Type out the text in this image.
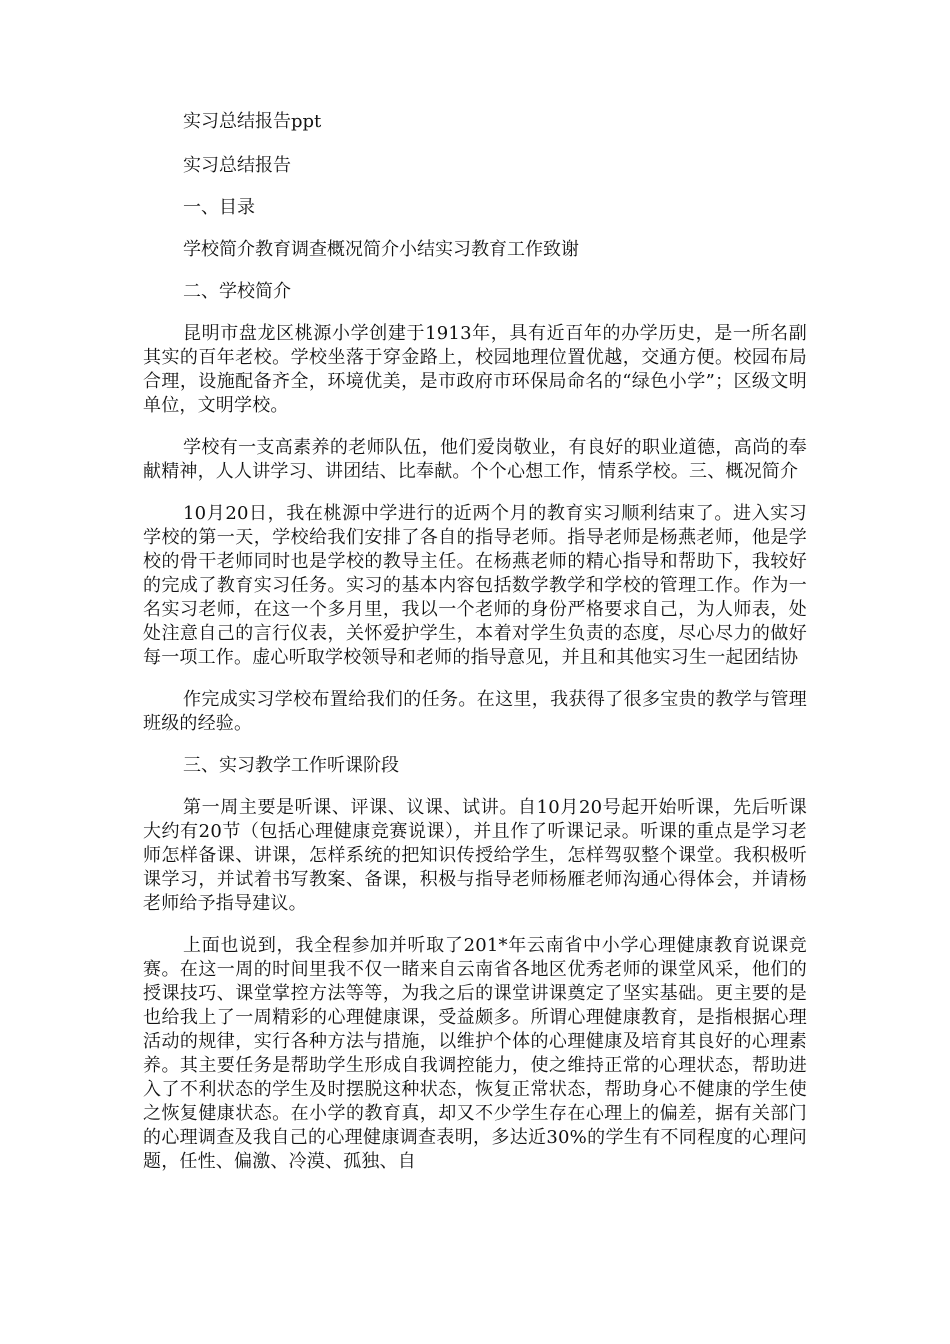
实习总结报告ppt
实习总结报告
一、目录
学校简介教育调查概况简介小结实习教育工作致谢
二、学校简介

昆明市盘龙区桃源小学创建于1913年，具有近百年的办学历史，是一所名副其实的百年老校。学校坐落于穿金路上，校园地理位置优越，交通方便。校园布局合理，设施配备齐全，环境优美，是市政府市环保局命名的“绿色小学”；区级文明单位，文明学校。

学校有一支高素养的老师队伍，他们爱岗敬业，有良好的职业道德，高尚的奉献精神，人人讲学习、讲团结、比奉献。个个心想工作，情系学校。三、概况简介

10月20日，我在桃源中学进行的近两个月的教育实习顺利结束了。进入实习学校的第一天，学校给我们安排了各自的指导老师。指导老师是杨燕老师，他是学校的骨干老师同时也是学校的教导主任。在杨燕老师的精心指导和帮助下，我较好的完成了教育实习任务。实习的基本内容包括数学教学和学校的管理工作。作为一名实习老师，在这一个多月里，我以一个老师的身份严格要求自己，为人师表，处处注意自己的言行仪表，关怀爱护学生，本着对学生负责的态度，尽心尽力的做好每一项工作。虚心听取学校领导和老师的指导意见，并且和其他实习生一起团结协

作完成实习学校布置给我们的任务。在这里，我获得了很多宝贵的教学与管理班级的经验。

三、实习教学工作听课阶段

第一周主要是听课、评课、议课、试讲。自10月20号起开始听课，先后听课大约有20节（包括心理健康竞赛说课），并且作了听课记录。听课的重点是学习老师怎样备课、讲课，怎样系统的把知识传授给学生，怎样驾驭整个课堂。我积极听课学习，并试着书写教案、备课，积极与指导老师杨雁老师沟通心得体会，并请杨老师给予指导建议。

上面也说到，我全程参加并听取了201*年云南省中小学心理健康教育说课竞赛。在这一周的时间里我不仅一睹来自云南省各地区优秀老师的课堂风采，他们的授课技巧、课堂掌控方法等等，为我之后的课堂讲课奠定了坚实基础。更主要的是也给我上了一周精彩的心理健康课，受益颇多。所谓心理健康教育，是指根据心理活动的规律，实行各种方法与措施，以维护个体的心理健康及培育其良好的心理素养。其主要任务是帮助学生形成自我调控能力，使之维持正常的心理状态，帮助进入了不利状态的学生及时摆脱这种状态，恢复正常状态，帮助身心不健康的学生使之恢复健康状态。在小学的教育真，却又不少学生存在心理上的偏差，据有关部门的心理调查及我自己的心理健康调查表明，多达近30%的学生有不同程度的心理问题，任性、偏激、冷漠、孤独、自
